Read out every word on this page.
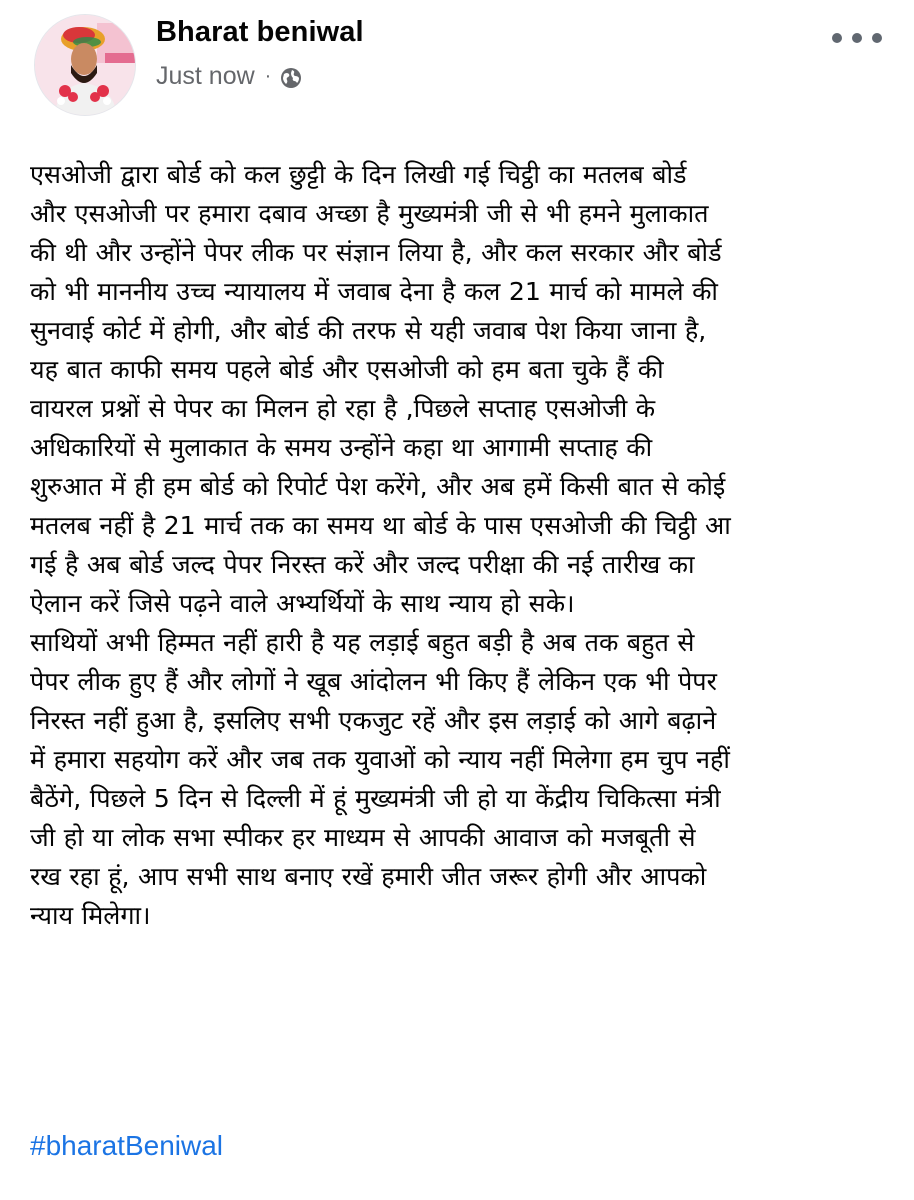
Bharat beniwal
Just now ·

एसओजी द्वारा बोर्ड को कल छुट्टी के दिन लिखी गई चिट्ठी का मतलब बोर्ड
और एसओजी पर हमारा दबाव अच्छा है मुख्यमंत्री जी से भी हमने मुलाकात
की थी और उन्होंने पेपर लीक पर संज्ञान लिया है, और कल सरकार और बोर्ड
को भी माननीय उच्च न्यायालय में जवाब देना है कल 21 मार्च को मामले की
सुनवाई कोर्ट में होगी, और बोर्ड की तरफ से यही जवाब पेश किया जाना है,
यह बात काफी समय पहले बोर्ड और एसओजी को हम बता चुके हैं की
वायरल प्रश्नों से पेपर का मिलन हो रहा है ,पिछले सप्ताह एसओजी के
अधिकारियों से मुलाकात के समय उन्होंने कहा था आगामी सप्ताह की
शुरुआत में ही हम बोर्ड को रिपोर्ट पेश करेंगे, और अब हमें किसी बात से कोई
मतलब नहीं है 21 मार्च तक का समय था बोर्ड के पास एसओजी की चिट्ठी आ
गई है अब बोर्ड जल्द पेपर निरस्त करें और जल्द परीक्षा की नई तारीख का
ऐलान करें जिसे पढ़ने वाले अभ्यर्थियों के साथ न्याय हो सके।

साथियों अभी हिम्मत नहीं हारी है यह लड़ाई बहुत बड़ी है अब तक बहुत से
पेपर लीक हुए हैं और लोगों ने खूब आंदोलन भी किए हैं लेकिन एक भी पेपर
निरस्त नहीं हुआ है, इसलिए सभी एकजुट रहें और इस लड़ाई को आगे बढ़ाने
में हमारा सहयोग करें और जब तक युवाओं को न्याय नहीं मिलेगा हम चुप नहीं
बैठेंगे, पिछले 5 दिन से दिल्ली में हूं मुख्यमंत्री जी हो या केंद्रीय चिकित्सा मंत्री
जी हो या लोक सभा स्पीकर हर माध्यम से आपकी आवाज को मजबूती से
रख रहा हूं, आप सभी साथ बनाए रखें हमारी जीत जरूर होगी और आपको
न्याय मिलेगा।

#bharatBeniwal
